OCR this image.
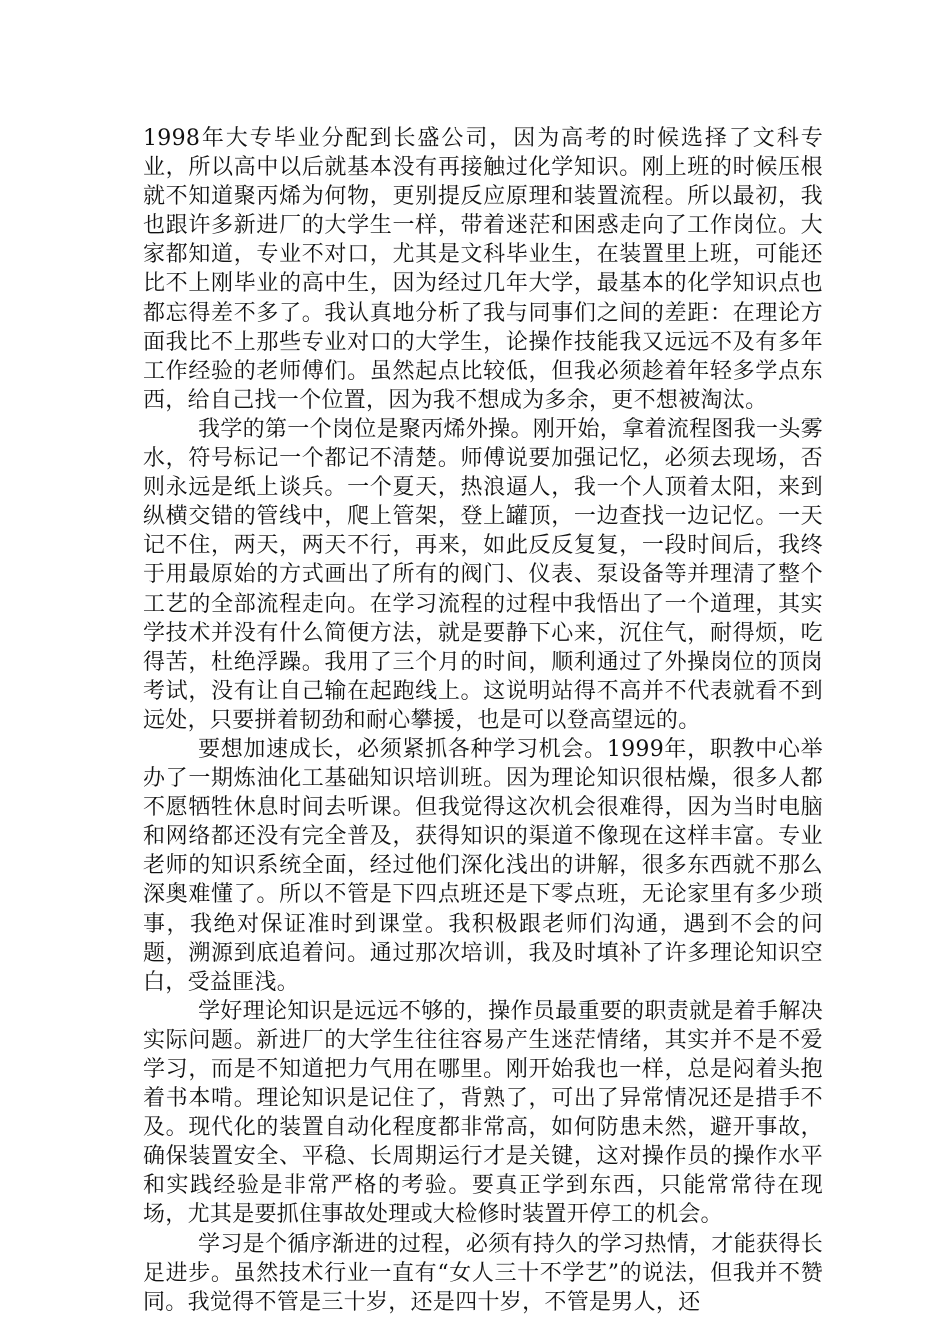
1998年大专毕业分配到长盛公司，因为高考的时候选择了文科专业，所以高中以后就基本没有再接触过化学知识。刚上班的时候压根就不知道聚丙烯为何物，更别提反应原理和装置流程。所以最初，我也跟许多新进厂的大学生一样，带着迷茫和困惑走向了工作岗位。大家都知道，专业不对口，尤其是文科毕业生，在装置里上班，可能还比不上刚毕业的高中生，因为经过几年大学，最基本的化学知识点也都忘得差不多了。我认真地分析了我与同事们之间的差距：在理论方面我比不上那些专业对口的大学生，论操作技能我又远远不及有多年工作经验的老师傅们。虽然起点比较低，但我必须趁着年轻多学点东西，给自己找一个位置，因为我不想成为多余，更不想被淘汰。

我学的第一个岗位是聚丙烯外操。刚开始，拿着流程图我一头雾水，符号标记一个都记不清楚。师傅说要加强记忆，必须去现场，否则永远是纸上谈兵。一个夏天，热浪逼人，我一个人顶着太阳，来到纵横交错的管线中，爬上管架，登上罐顶，一边查找一边记忆。一天记不住，两天，两天不行，再来，如此反反复复，一段时间后，我终于用最原始的方式画出了所有的阀门、仪表、泵设备等并理清了整个工艺的全部流程走向。在学习流程的过程中我悟出了一个道理，其实学技术并没有什么简便方法，就是要静下心来，沉住气，耐得烦，吃得苦，杜绝浮躁。我用了三个月的时间，顺利通过了外操岗位的顶岗考试，没有让自己输在起跑线上。这说明站得不高并不代表就看不到远处，只要拼着韧劲和耐心攀援，也是可以登高望远的。

要想加速成长，必须紧抓各种学习机会。1999年，职教中心举办了一期炼油化工基础知识培训班。因为理论知识很枯燥，很多人都不愿牺牲休息时间去听课。但我觉得这次机会很难得，因为当时电脑和网络都还没有完全普及，获得知识的渠道不像现在这样丰富。专业老师的知识系统全面，经过他们深化浅出的讲解，很多东西就不那么深奥难懂了。所以不管是下四点班还是下零点班，无论家里有多少琐事，我绝对保证准时到课堂。我积极跟老师们沟通，遇到不会的问题，溯源到底追着问。通过那次培训，我及时填补了许多理论知识空白，受益匪浅。

学好理论知识是远远不够的，操作员最重要的职责就是着手解决实际问题。新进厂的大学生往往容易产生迷茫情绪，其实并不是不爱学习，而是不知道把力气用在哪里。刚开始我也一样，总是闷着头抱着书本啃。理论知识是记住了，背熟了，可出了异常情况还是措手不及。现代化的装置自动化程度都非常高，如何防患未然，避开事故，确保装置安全、平稳、长周期运行才是关键，这对操作员的操作水平和实践经验是非常严格的考验。要真正学到东西，只能常常待在现场，尤其是要抓住事故处理或大检修时装置开停工的机会。

学习是个循序渐进的过程，必须有持久的学习热情，才能获得长足进步。虽然技术行业一直有“女人三十不学艺”的说法，但我并不赞同。我觉得不管是三十岁，还是四十岁，不管是男人，还
